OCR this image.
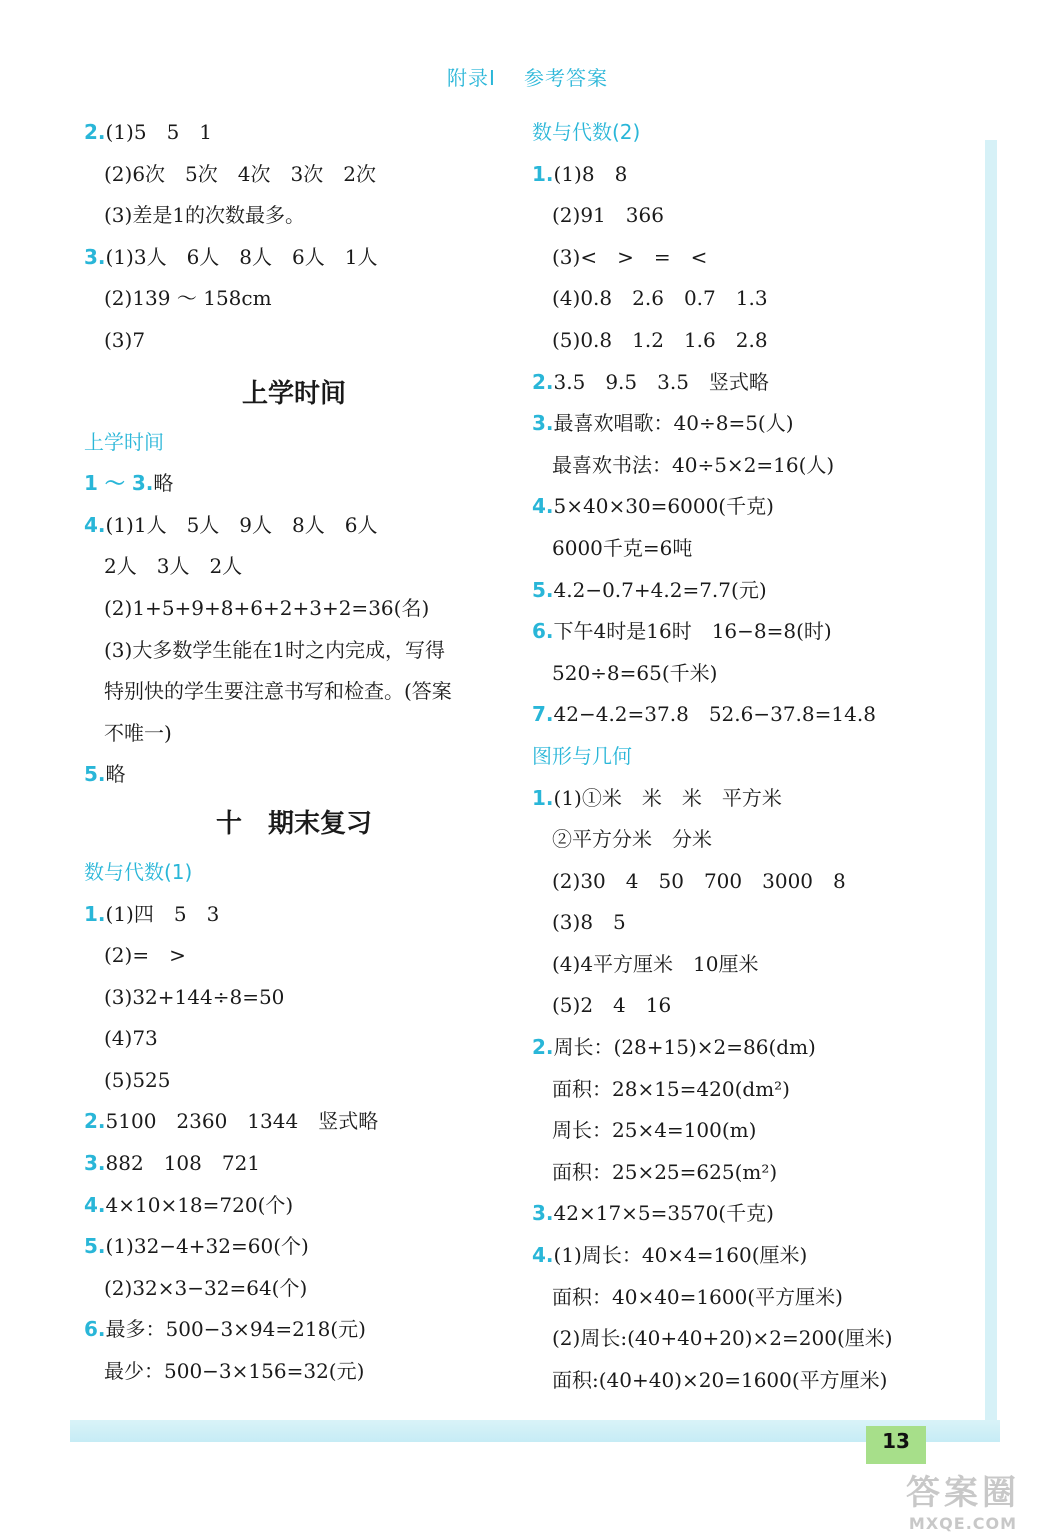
附录Ⅰ 参考答案
2.(1)5　5　1
(2)6次　5次　4次　3次　2次
(3)差是1的次数最多。
3.(1)3人　6人　8人　6人　1人
(2)139 ～ 158cm
(3)7
上学时间
上学时间
1 ～ 3.略
4.(1)1人　5人　9人　8人　6人
2人　3人　2人
(2)1+5+9+8+6+2+3+2=36(名)
(3)大多数学生能在1时之内完成，写得
特别快的学生要注意书写和检查。(答案
不唯一)
5.略
十　期末复习
数与代数(1)
1.(1)四　5　3
(2)=　>
(3)32+144÷8=50
(4)73
(5)525
2.5100　2360　1344　竖式略
3.882　108　721
4.4×10×18=720(个)
5.(1)32−4+32=60(个)
(2)32×3−32=64(个)
6.最多：500−3×94=218(元)
最少：500−3×156=32(元)
数与代数(2)
1.(1)8　8
(2)91　366
(3)<　>　=　<
(4)0.8　2.6　0.7　1.3
(5)0.8　1.2　1.6　2.8
2.3.5　9.5　3.5　竖式略
3.最喜欢唱歌：40÷8=5(人)
最喜欢书法：40÷5×2=16(人)
4.5×40×30=6000(千克)
6000千克=6吨
5.4.2−0.7+4.2=7.7(元)
6.下午4时是16时　16−8=8(时)
520÷8=65(千米)
7.42−4.2=37.8　52.6−37.8=14.8
图形与几何
1.(1)①米　米　米　平方米
②平方分米　分米
(2)30　4　50　700　3000　8
(3)8　5
(4)4平方厘米　10厘米
(5)2　4　16
2.周长：(28+15)×2=86(dm)
面积：28×15=420(dm²)
周长：25×4=100(m)
面积：25×25=625(m²)
3.42×17×5=3570(千克)
4.(1)周长：40×4=160(厘米)
面积：40×40=1600(平方厘米)
(2)周长:(40+40+20)×2=200(厘米)
面积:(40+40)×20=1600(平方厘米)
13
答案圈
MXQE.COM
